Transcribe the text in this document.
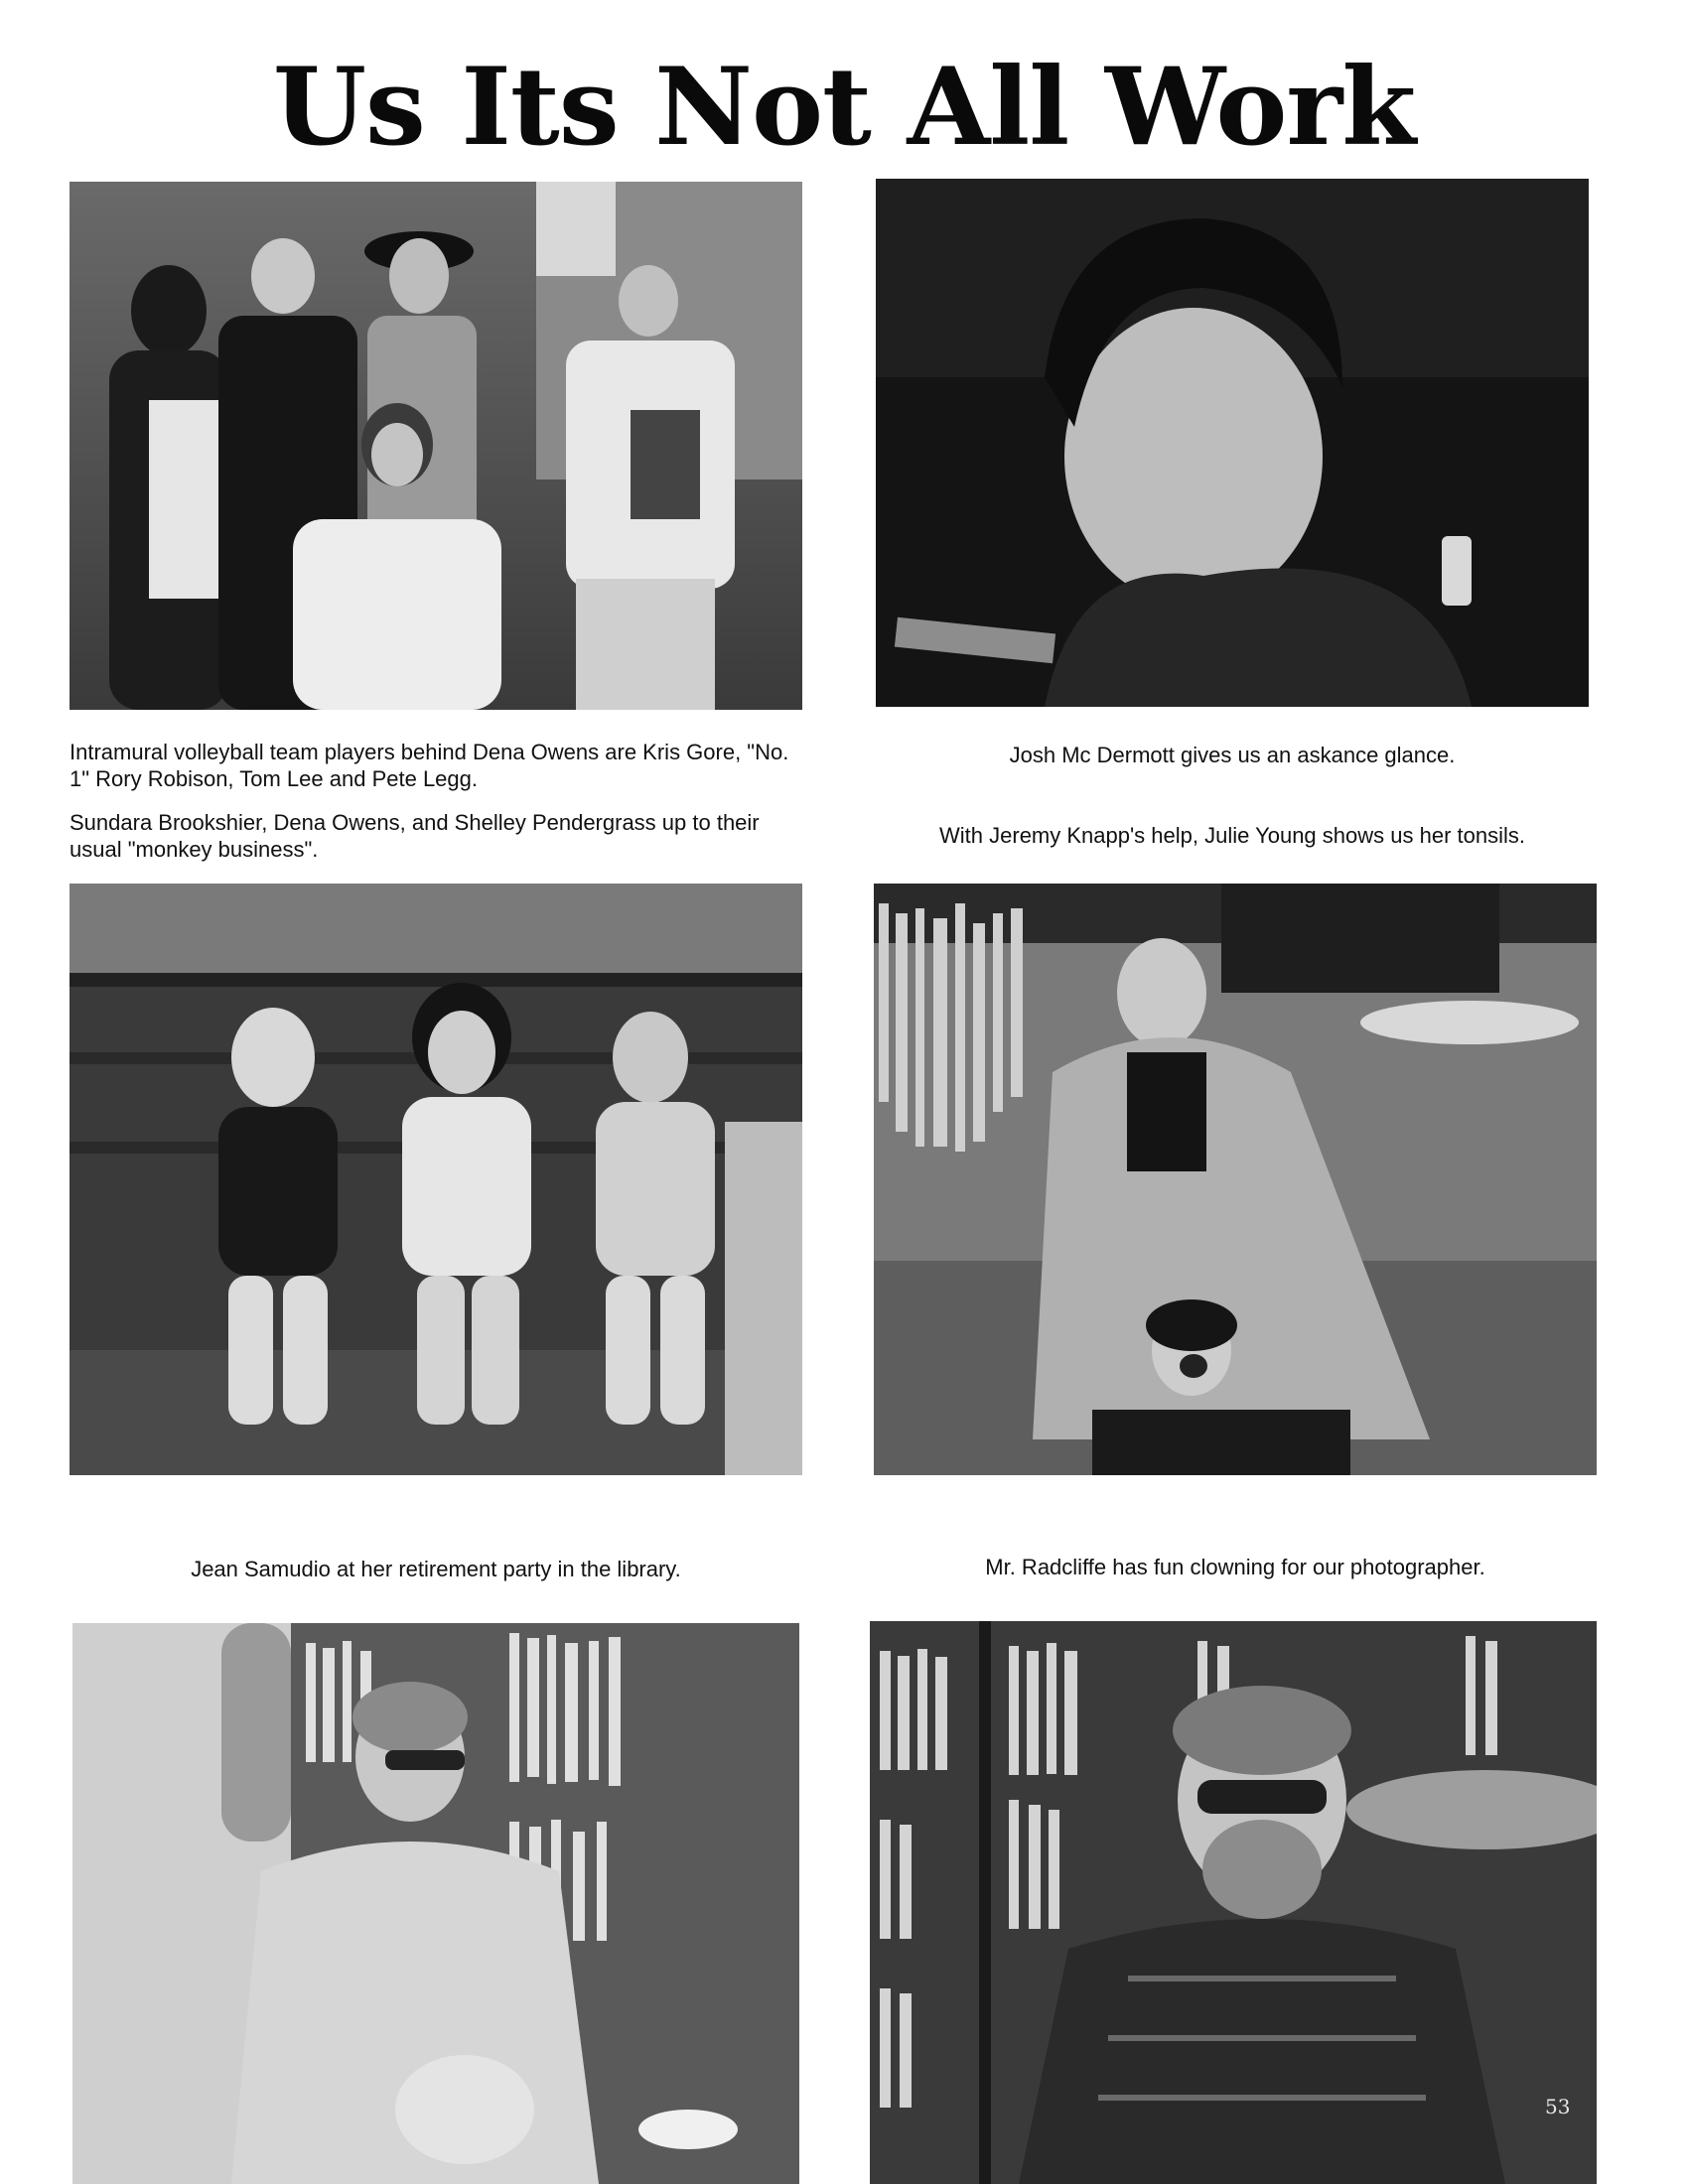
Us Its Not All Work

Intramural volleyball team players behind Dena Owens are Kris Gore, "No. 1" Rory Robison, Tom Lee and Pete Legg.

Josh Mc Dermott gives us an askance glance.

Sundara Brookshier, Dena Owens, and Shelley Pendergrass up to their usual "monkey business".

With Jeremy Knapp's help, Julie Young shows us her tonsils.

Jean Samudio at her retirement party in the library.	Mr. Radcliffe has fun clowning for our photographer.

53
